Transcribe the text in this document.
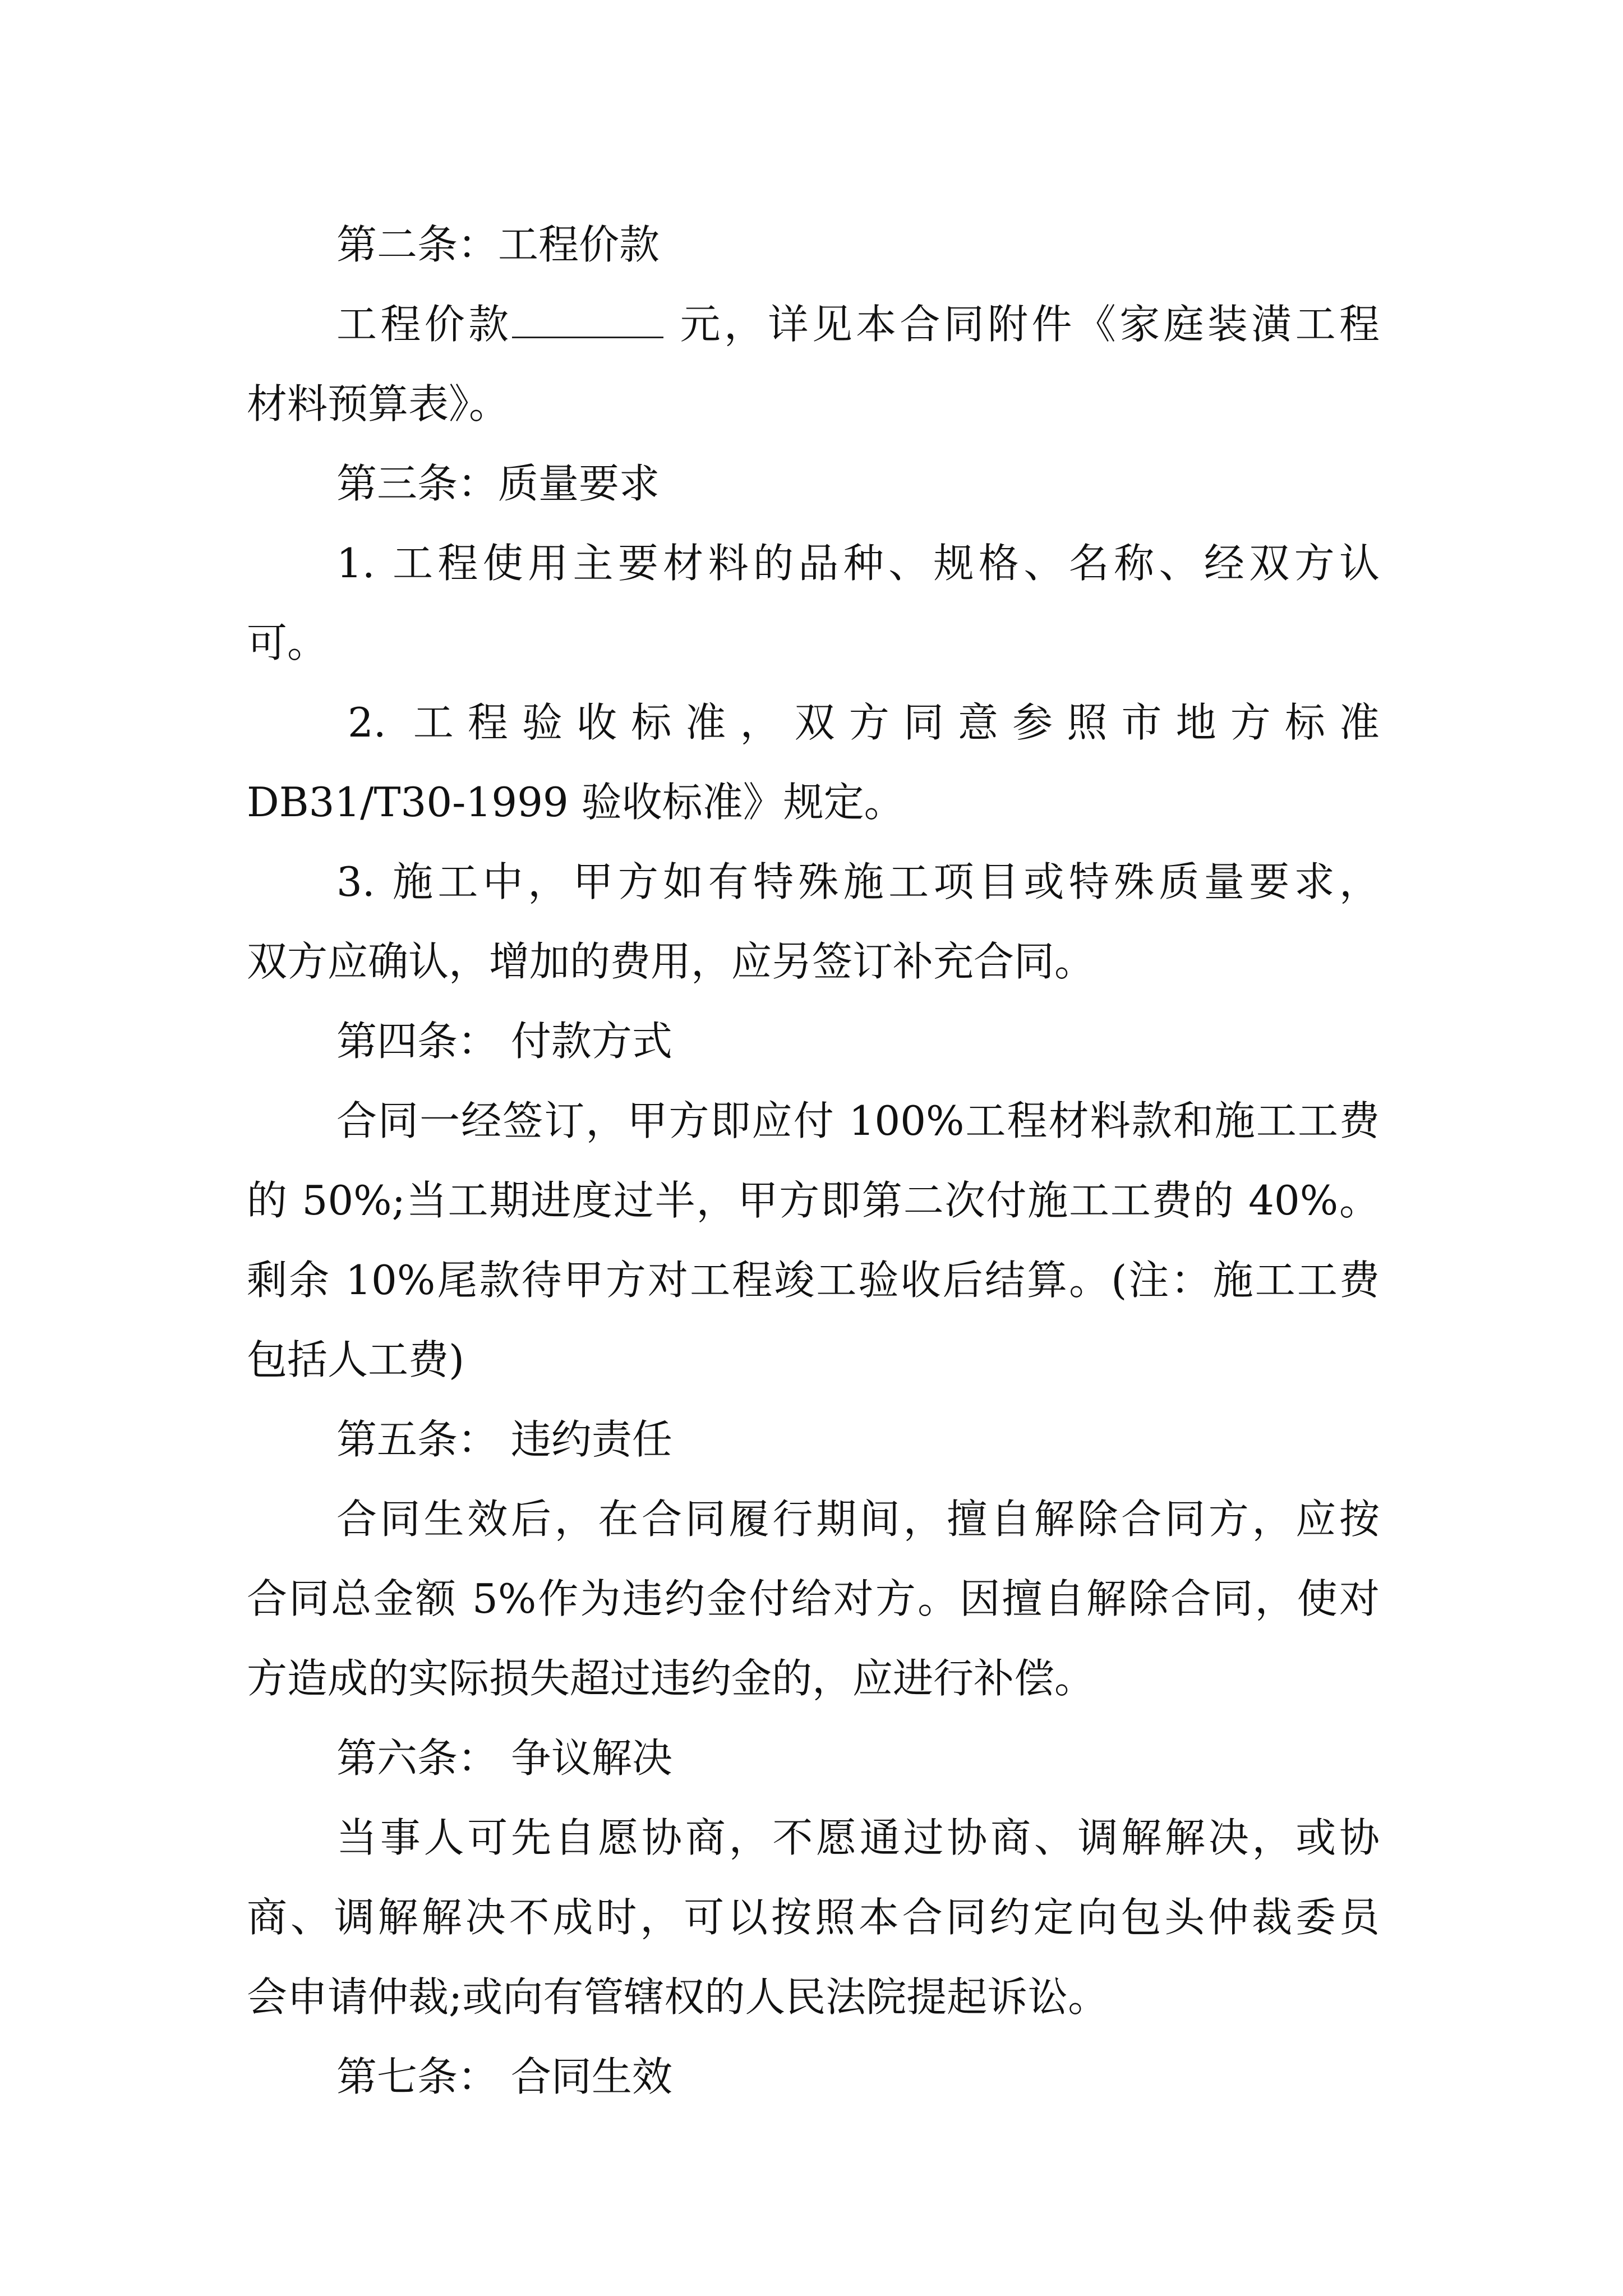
第二条：工程价款
工程价款	元，详见本合同附件《家庭装潢工程
材料预算表》。
第三条：质量要求
1. 工程使用主要材料的品种、规格、名称、经双方认
可。
2. 工程验收标准，双方同意参照市地方标准
DB31/T30-1999 验收标准》规定。
3. 施工中，甲方如有特殊施工项目或特殊质量要求，
双方应确认，增加的费用，应另签订补充合同。
第四条： 付款方式
合同一经签订，甲方即应付 100%工程材料款和施工工费
的 50%;当工期进度过半，甲方即第二次付施工工费的 40%。
剩余 10%尾款待甲方对工程竣工验收后结算。(注：施工工费
包括人工费)
第五条： 违约责任
合同生效后，在合同履行期间，擅自解除合同方，应按
合同总金额 5%作为违约金付给对方。因擅自解除合同，使对
方造成的实际损失超过违约金的，应进行补偿。
第六条： 争议解决
当事人可先自愿协商，不愿通过协商、调解解决，或协
商、调解解决不成时，可以按照本合同约定向包头仲裁委员
会申请仲裁;或向有管辖权的人民法院提起诉讼。
第七条： 合同生效
